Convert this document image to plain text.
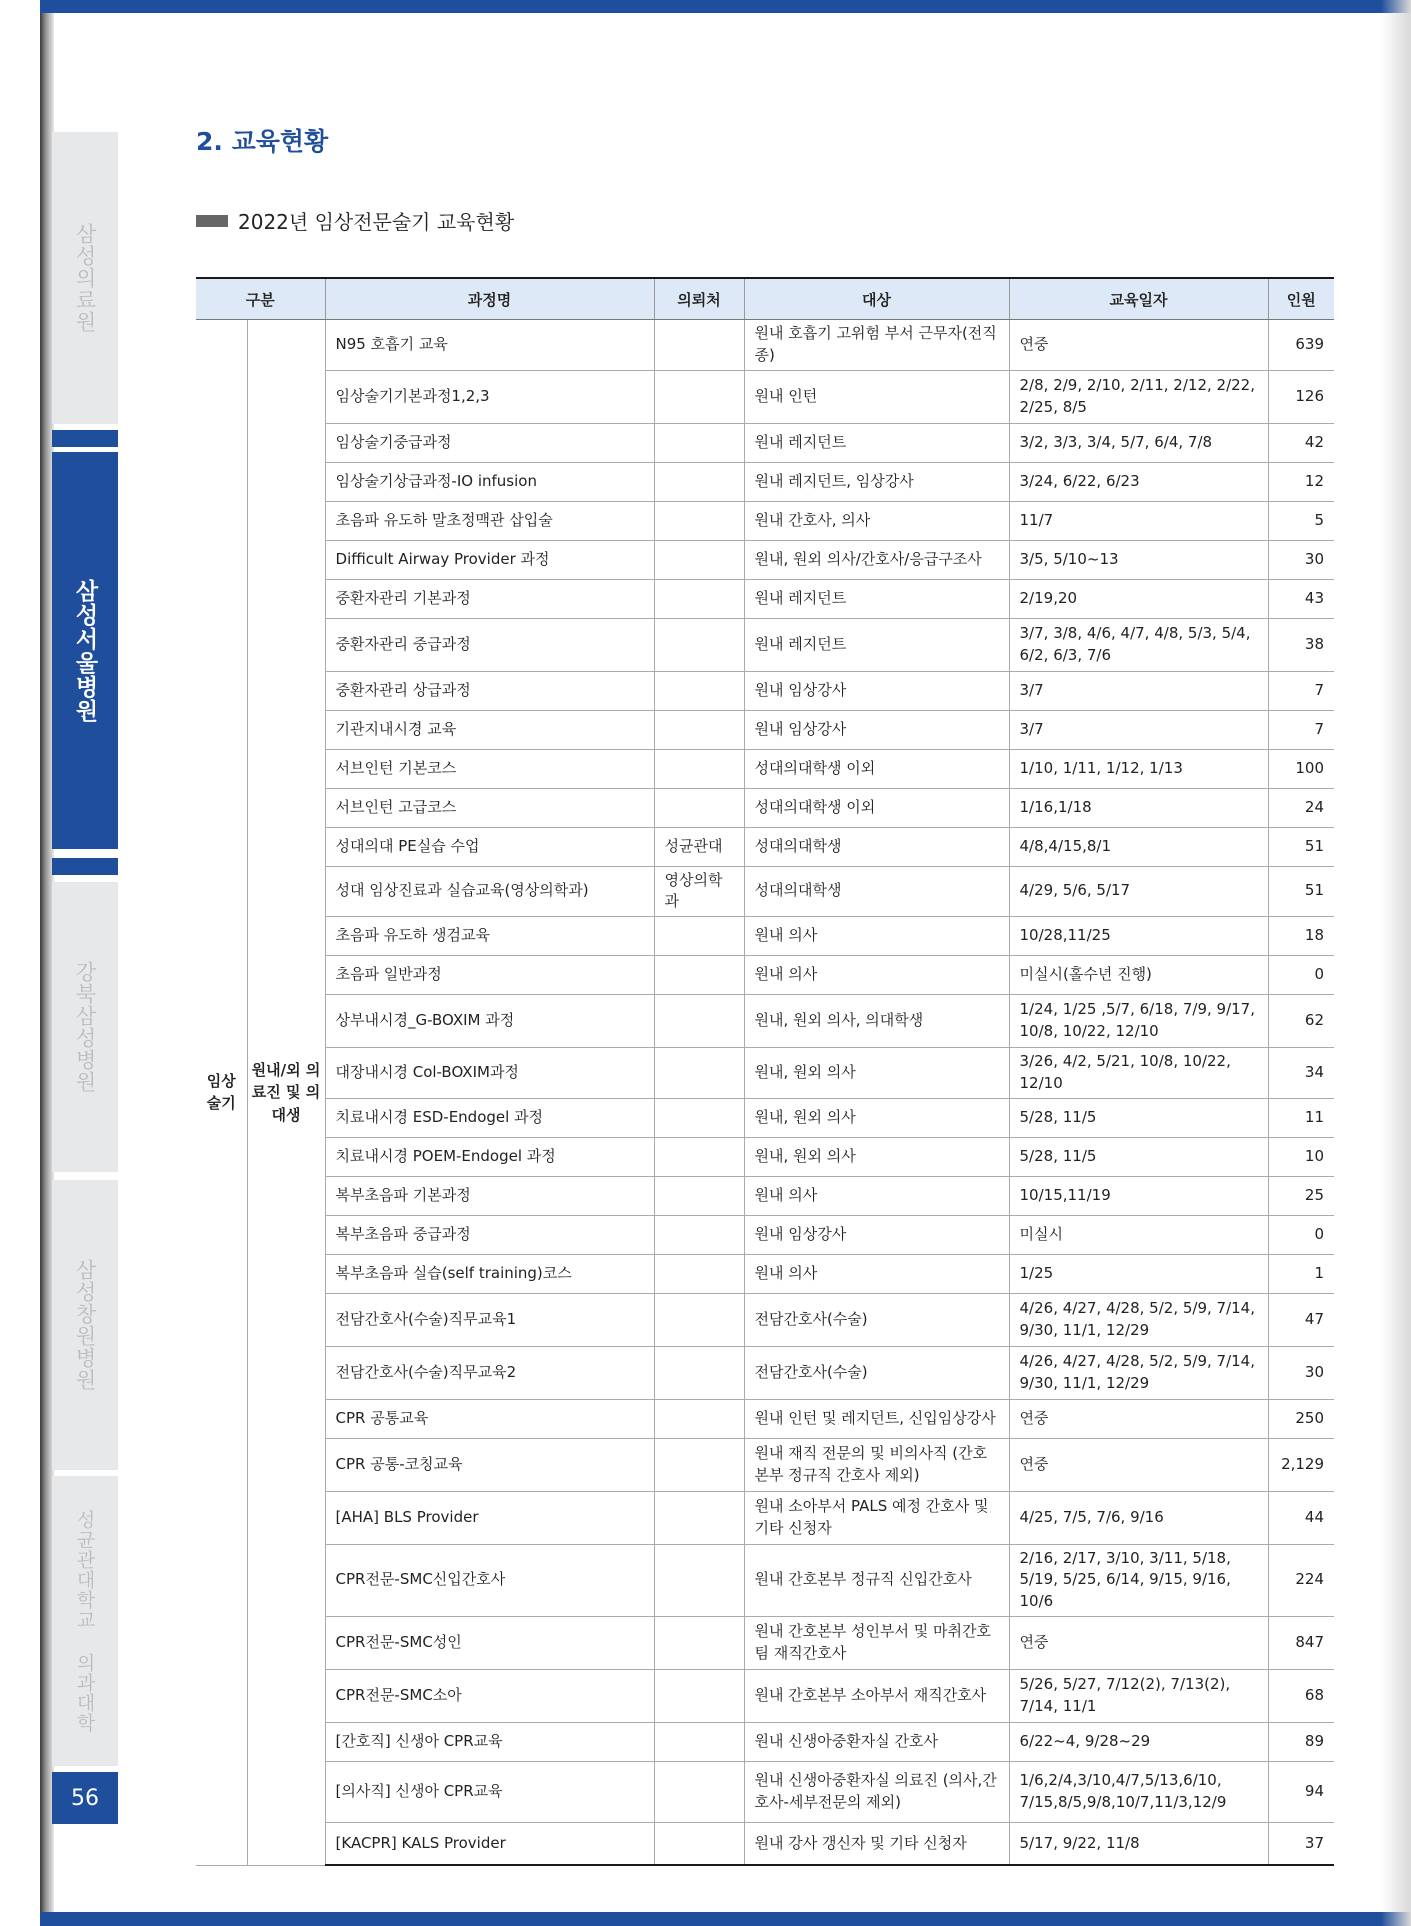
삼성의료원
삼성서울병원
강북삼성병원
삼성창원병원
성균관대학교 의과대학
56
2. 교육현황
2022년 임상전문술기 교육현황
구분		과정명	의뢰처	대상	교육일자	인원
임상 술기	원내/외 의료진 및 의대생	N95 호흡기 교육		원내 호흡기 고위험 부서 근무자(전직종)	연중	639
		임상술기기본과정1,2,3		원내 인턴	2/8, 2/9, 2/10, 2/11, 2/12, 2/22, 2/25, 8/5	126
		임상술기중급과정		원내 레지던트	3/2, 3/3, 3/4, 5/7, 6/4, 7/8	42
		임상술기상급과정-IO infusion		원내 레지던트, 임상강사	3/24, 6/22, 6/23	12
		초음파 유도하 말초정맥관 삽입술		원내 간호사, 의사	11/7	5
		Difficult Airway Provider 과정		원내, 원외 의사/간호사/응급구조사	3/5, 5/10~13	30
		중환자관리 기본과정		원내 레지던트	2/19,20	43
		중환자관리 중급과정		원내 레지던트	3/7, 3/8, 4/6, 4/7, 4/8, 5/3, 5/4, 6/2, 6/3, 7/6	38
		중환자관리 상급과정		원내 임상강사	3/7	7
		기관지내시경 교육		원내 임상강사	3/7	7
		서브인턴 기본코스		성대의대학생 이외	1/10, 1/11, 1/12, 1/13	100
		서브인턴 고급코스		성대의대학생 이외	1/16,1/18	24
		성대의대 PE실습 수업	성균관대	성대의대학생	4/8,4/15,8/1	51
		성대 임상진료과 실습교육(영상의학과)	영상의학과	성대의대학생	4/29, 5/6, 5/17	51
		초음파 유도하 생검교육		원내 의사	10/28,11/25	18
		초음파 일반과정		원내 의사	미실시(홀수년 진행)	0
		상부내시경_G-BOXIM 과정		원내, 원외 의사, 의대학생	1/24, 1/25 ,5/7, 6/18, 7/9, 9/17, 10/8, 10/22, 12/10	62
		대장내시경 Col-BOXIM과정		원내, 원외 의사	3/26, 4/2, 5/21, 10/8, 10/22, 12/10	34
		치료내시경 ESD-Endogel 과정		원내, 원외 의사	5/28, 11/5	11
		치료내시경 POEM-Endogel 과정		원내, 원외 의사	5/28, 11/5	10
		복부초음파 기본과정		원내 의사	10/15,11/19	25
		복부초음파 중급과정		원내 임상강사	미실시	0
		복부초음파 실습(self training)코스		원내 의사	1/25	1
		전담간호사(수술)직무교육1		전담간호사(수술)	4/26, 4/27, 4/28, 5/2, 5/9, 7/14, 9/30, 11/1, 12/29	47
		전담간호사(수술)직무교육2		전담간호사(수술)	4/26, 4/27, 4/28, 5/2, 5/9, 7/14, 9/30, 11/1, 12/29	30
		CPR 공통교육		원내 인턴 및 레지던트, 신입임상강사	연중	250
		CPR 공통-코칭교육		원내 재직 전문의 및 비의사직 (간호본부 정규직 간호사 제외)	연중	2,129
		[AHA] BLS Provider		원내 소아부서 PALS 예정 간호사 및 기타 신청자	4/25, 7/5, 7/6, 9/16	44
		CPR전문-SMC신입간호사		원내 간호본부 정규직 신입간호사	2/16, 2/17, 3/10, 3/11, 5/18, 5/19, 5/25, 6/14, 9/15, 9/16, 10/6	224
		CPR전문-SMC성인		원내 간호본부 성인부서 및 마취간호팀 재직간호사	연중	847
		CPR전문-SMC소아		원내 간호본부 소아부서 재직간호사	5/26, 5/27, 7/12(2), 7/13(2), 7/14, 11/1	68
		[간호직] 신생아 CPR교육		원내 신생아중환자실 간호사	6/22~4, 9/28~29	89
		[의사직] 신생아 CPR교육		원내 신생아중환자실 의료진 (의사,간호사-세부전문의 제외)	1/6,2/4,3/10,4/7,5/13,6/10, 7/15,8/5,9/8,10/7,11/3,12/9	94
		[KACPR] KALS Provider		원내 강사 갱신자 및 기타 신청자	5/17, 9/22, 11/8	37
